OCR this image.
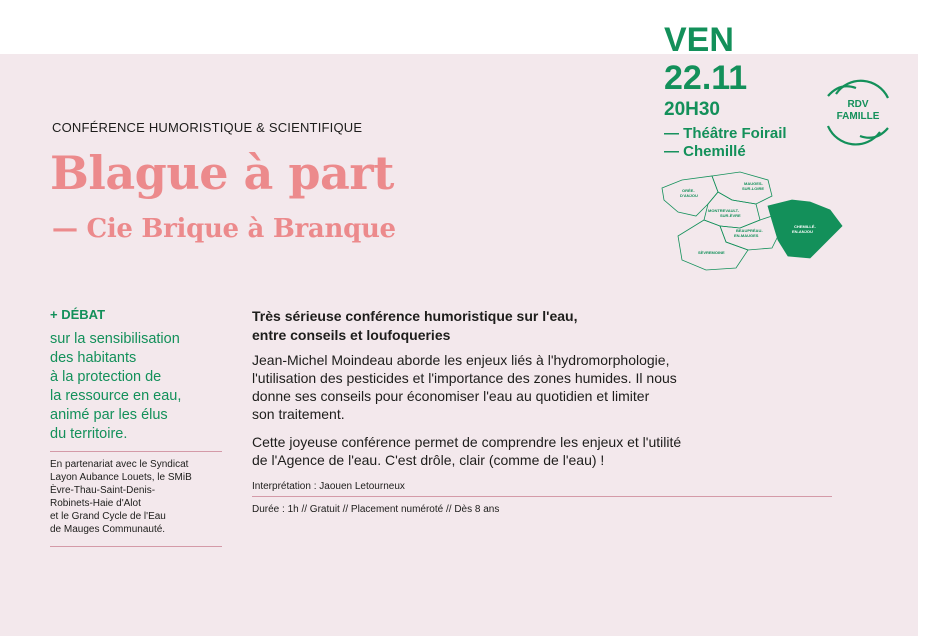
CONFÉRENCE HUMORISTIQUE & SCIENTIFIQUE
Blague à part
— Cie Brique à Branque
VEN
22.11
20H30
— Théâtre Foirail
— Chemillé
RDV
FAMILLE
ORÉE-
D'ANJOU
MAUGES-
SUR-LOIRE
MONTREVAULT-
SUR-ÈVRE
CHEMILLÉ-
EN-ANJOU
BEAUPRÉAU-
EN-MAUGES
SÈVREMOINE
+ DÉBAT
sur la sensibilisation
des habitants
à la protection de
la ressource en eau,
animé par les élus
du territoire.
En partenariat avec le Syndicat
Layon Aubance Louets, le SMiB
Èvre-Thau-Saint-Denis-
Robinets-Haie d'Alot
et le Grand Cycle de l'Eau
de Mauges Communauté.
Très sérieuse conférence humoristique sur l'eau,
entre conseils et loufoqueries
Jean-Michel Moindeau aborde les enjeux liés à l'hydromorphologie,
l'utilisation des pesticides et l'importance des zones humides. Il nous
donne ses conseils pour économiser l'eau au quotidien et limiter
son traitement.
Cette joyeuse conférence permet de comprendre les enjeux et l'utilité
de l'Agence de l'eau. C'est drôle, clair (comme de l'eau) !
Interprétation : Jaouen Letourneux
Durée : 1h // Gratuit // Placement numéroté // Dès 8 ans
